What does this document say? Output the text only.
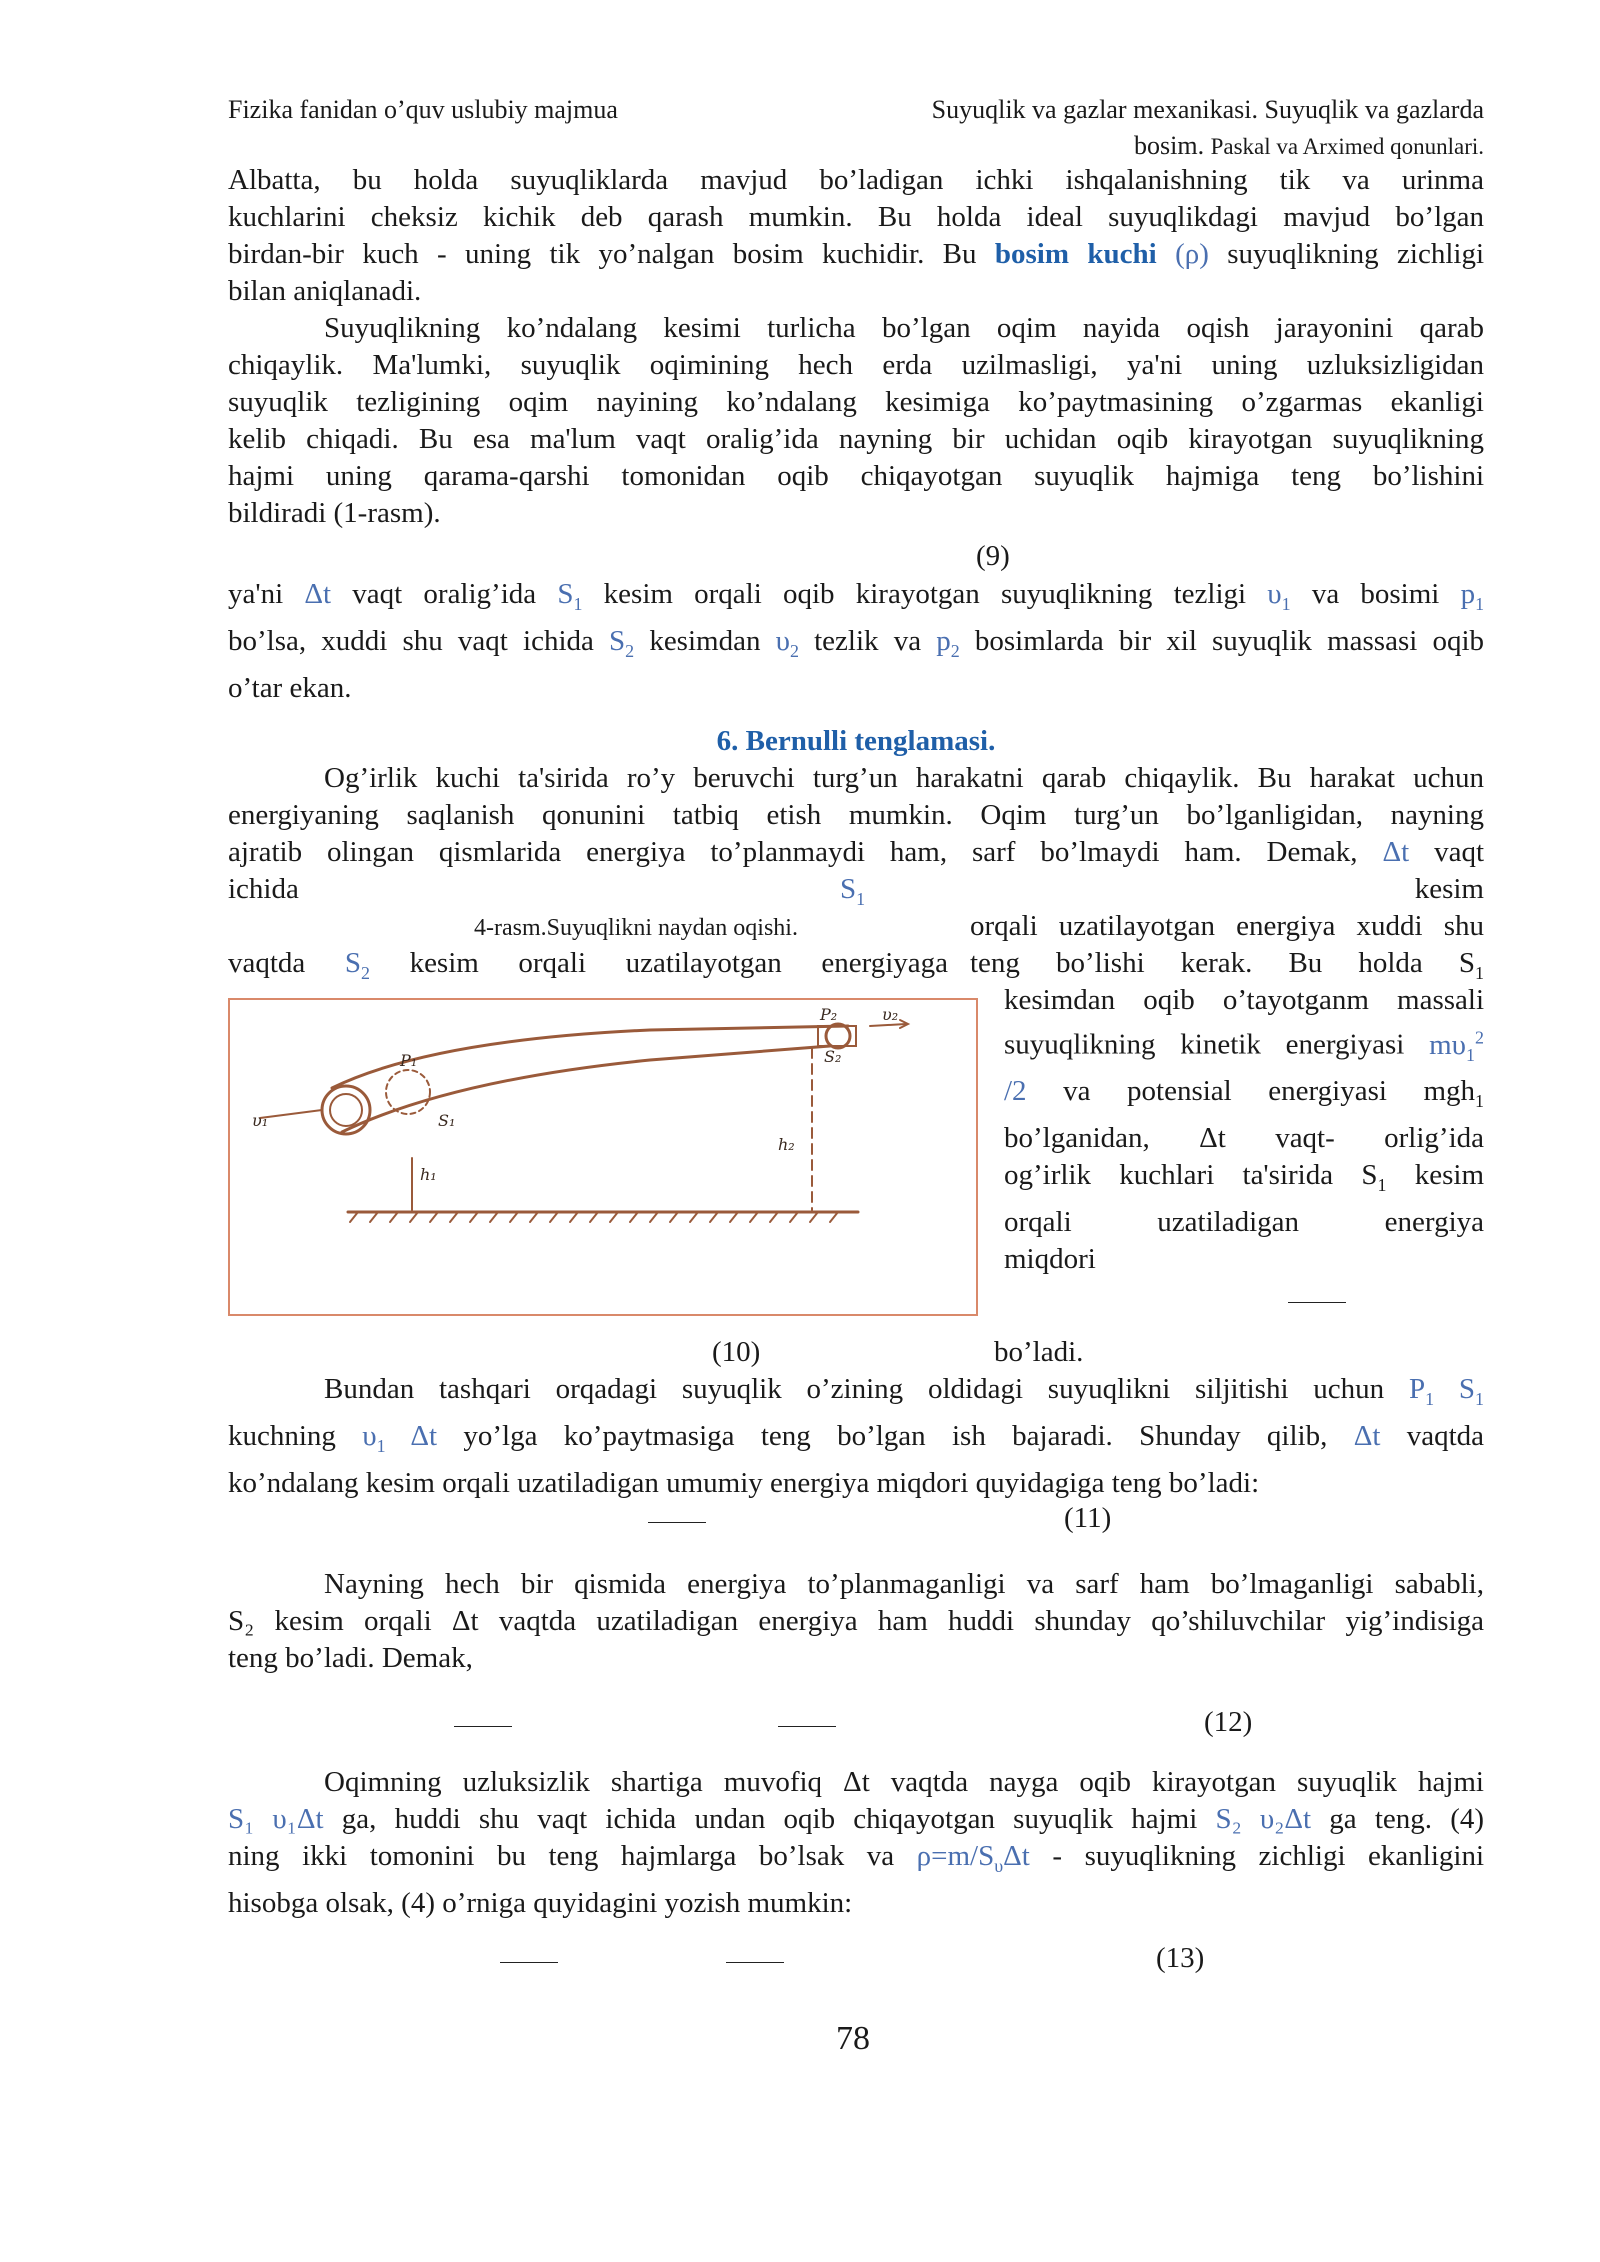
Fizika fanidan o’quv uslubiy majmua	Suyuqlik va gazlar mexanikasi. Suyuqlik va gazlarda
bosim. Paskal va Arximed qonunlari.
Albatta, bu holda suyuqliklarda mavjud bo’ladigan ichki ishqalanishning tik va urinma
kuchlarini cheksiz kichik deb qarash mumkin. Bu holda ideal suyuqlikdagi mavjud bo’lgan
birdan-bir kuch - uning tik yo’nalgan bosim kuchidir. Bu bosim kuchi (ρ) suyuqlikning zichligi
bilan aniqlanadi.
Suyuqlikning ko’ndalang kesimi turlicha bo’lgan oqim nayida oqish jarayonini qarab
chiqaylik. Ma'lumki, suyuqlik oqimining hech erda uzilmasligi, ya'ni uning uzluksizligidan
suyuqlik tezligining oqim nayining ko’ndalang kesimiga ko’paytmasining o’zgarmas ekanligi
kelib chiqadi. Bu esa ma'lum vaqt oralig’ida nayning bir uchidan oqib kirayotgan suyuqlikning
hajmi uning qarama-qarshi tomonidan oqib chiqayotgan suyuqlik hajmiga teng bo’lishini
bildiradi (1-rasm).
(9)
ya'ni Δt vaqt oralig’ida $S_1$ kesim orqali oqib kirayotgan suyuqlikning tezligi $\upsilon_1$ va bosimi $p_1$
bo’lsa, xuddi shu vaqt ichida $S_2$ kesimdan $\upsilon_2$ tezlik va $p_2$ bosimlarda bir xil suyuqlik massasi oqib
o’tar ekan.
6. Bernulli tenglamasi.
Og’irlik kuchi ta'sirida ro’y beruvchi turg’un harakatni qarab chiqaylik. Bu harakat uchun
energiyaning saqlanish qonunini tatbiq etish mumkin. Oqim turg’un bo’lganligidan, nayning
ajratib olingan qismlarida energiya to’planmaydi ham, sarf bo’lmaydi ham. Demak, Δt vaqt
ichida	$S_1$	kesim
4-rasm.Suyuqlikni naydan oqishi.	orqali uzatilayotgan energiya xuddi shu
vaqtda $S_2$ kesim orqali uzatilayotgan energiyaga teng bo’lishi kerak. Bu holda $S_1$
υ₁
P₁
S₁
h₁
P₂
S₂
h₂
υ₂	kesimdan oqib o’tayotganm massali
suyuqlikning kinetik energiyasi $m\upsilon_1^2$
/2 va potensial energiyasi mgh$_1$
bo’lganidan, Δt vaqt- orlig’ida
og’irlik kuchlari ta'sirida $S_1$ kesim
orqali uzatiladigan energiya
miqdori
(10)	bo’ladi.
Bundan tashqari orqadagi suyuqlik o’zining oldidagi suyuqlikni siljitishi uchun $P_1$ $S_1$
kuchning $\upsilon_1$ Δt yo’lga ko’paytmasiga teng bo’lgan ish bajaradi. Shunday qilib, Δt vaqtda
ko’ndalang kesim orqali uzatiladigan umumiy energiya miqdori quyidagiga teng bo’ladi:
(11)
Nayning hech bir qismida energiya to’planmaganligi va sarf ham bo’lmaganligi sababli,
S₂ kesim orqali Δt vaqtda uzatiladigan energiya ham huddi shunday qo’shiluvchilar yig’indisiga
teng bo’ladi. Demak,
(12)
Oqimning uzluksizlik shartiga muvofiq Δt vaqtda nayga oqib kirayotgan suyuqlik hajmi
S₁ υ₁Δt ga, huddi shu vaqt ichida undan oqib chiqayotgan suyuqlik hajmi S₂ υ₂Δt ga teng. (4)
ning ikki tomonini bu teng hajmlarga bo’lsak va $\rho=m/S_\upsilon\Delta t$ - suyuqlikning zichligi ekanligini
hisobga olsak, (4) o’rniga quyidagini yozish mumkin:
(13)
78
